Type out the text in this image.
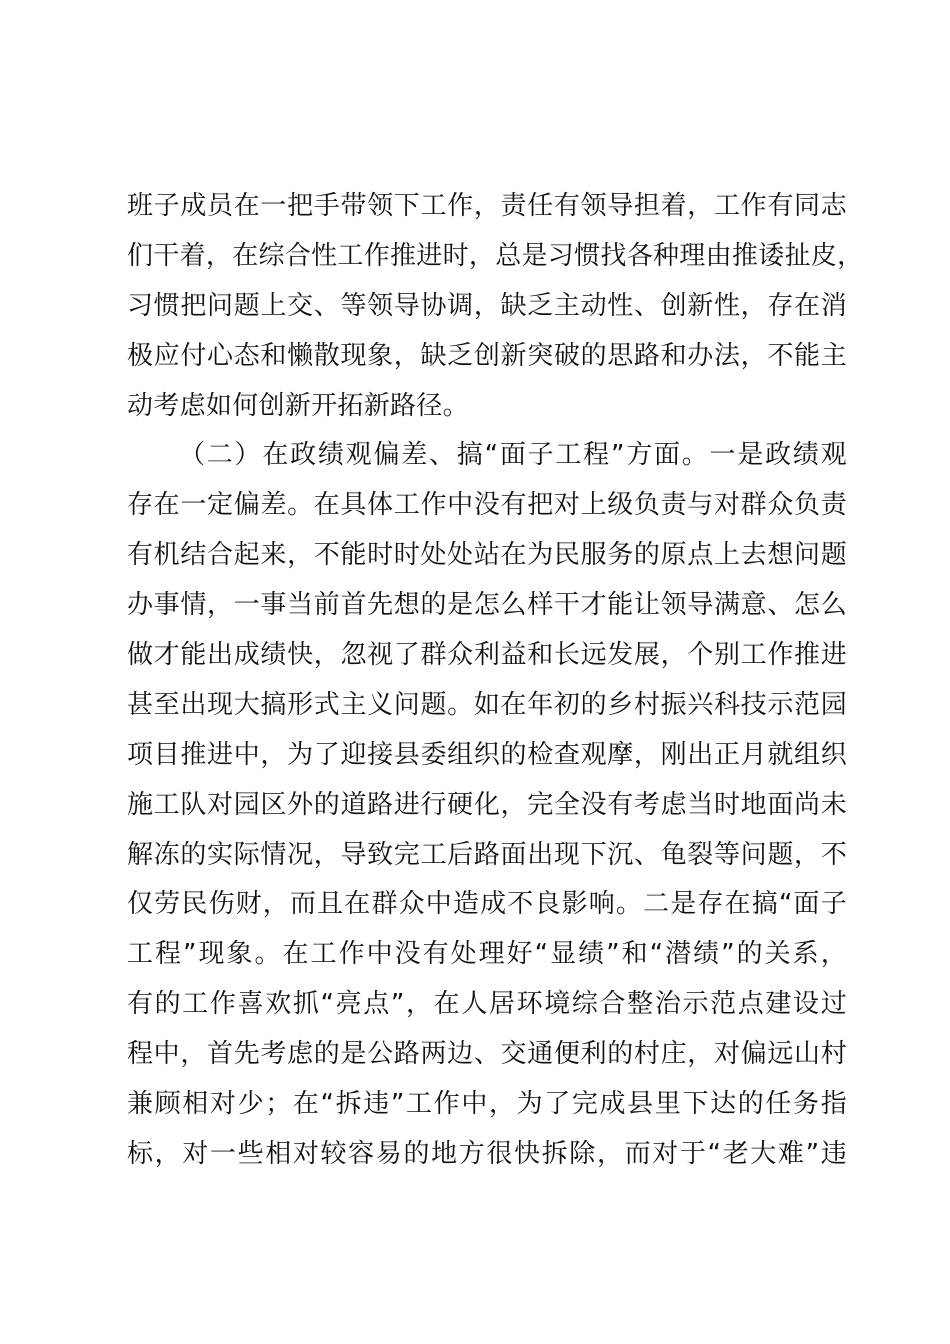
班子成员在一把手带领下工作，责任有领导担着，工作有同志
们干着，在综合性工作推进时，总是习惯找各种理由推诿扯皮，
习惯把问题上交、等领导协调，缺乏主动性、创新性，存在消
极应付心态和懒散现象，缺乏创新突破的思路和办法，不能主
动考虑如何创新开拓新路径。
（二）在政绩观偏差、搞“面子工程”方面。一是政绩观
存在一定偏差。在具体工作中没有把对上级负责与对群众负责
有机结合起来，不能时时处处站在为民服务的原点上去想问题
办事情，一事当前首先想的是怎么样干才能让领导满意、怎么
做才能出成绩快，忽视了群众利益和长远发展，个别工作推进
甚至出现大搞形式主义问题。如在年初的乡村振兴科技示范园
项目推进中，为了迎接县委组织的检查观摩，刚出正月就组织
施工队对园区外的道路进行硬化，完全没有考虑当时地面尚未
解冻的实际情况，导致完工后路面出现下沉、龟裂等问题，不
仅劳民伤财，而且在群众中造成不良影响。二是存在搞“面子
工程”现象。在工作中没有处理好“显绩”和“潜绩”的关系，
有的工作喜欢抓“亮点”，在人居环境综合整治示范点建设过
程中，首先考虑的是公路两边、交通便利的村庄，对偏远山村
兼顾相对少；在“拆违”工作中，为了完成县里下达的任务指
标，对一些相对较容易的地方很快拆除，而对于“老大难”违
